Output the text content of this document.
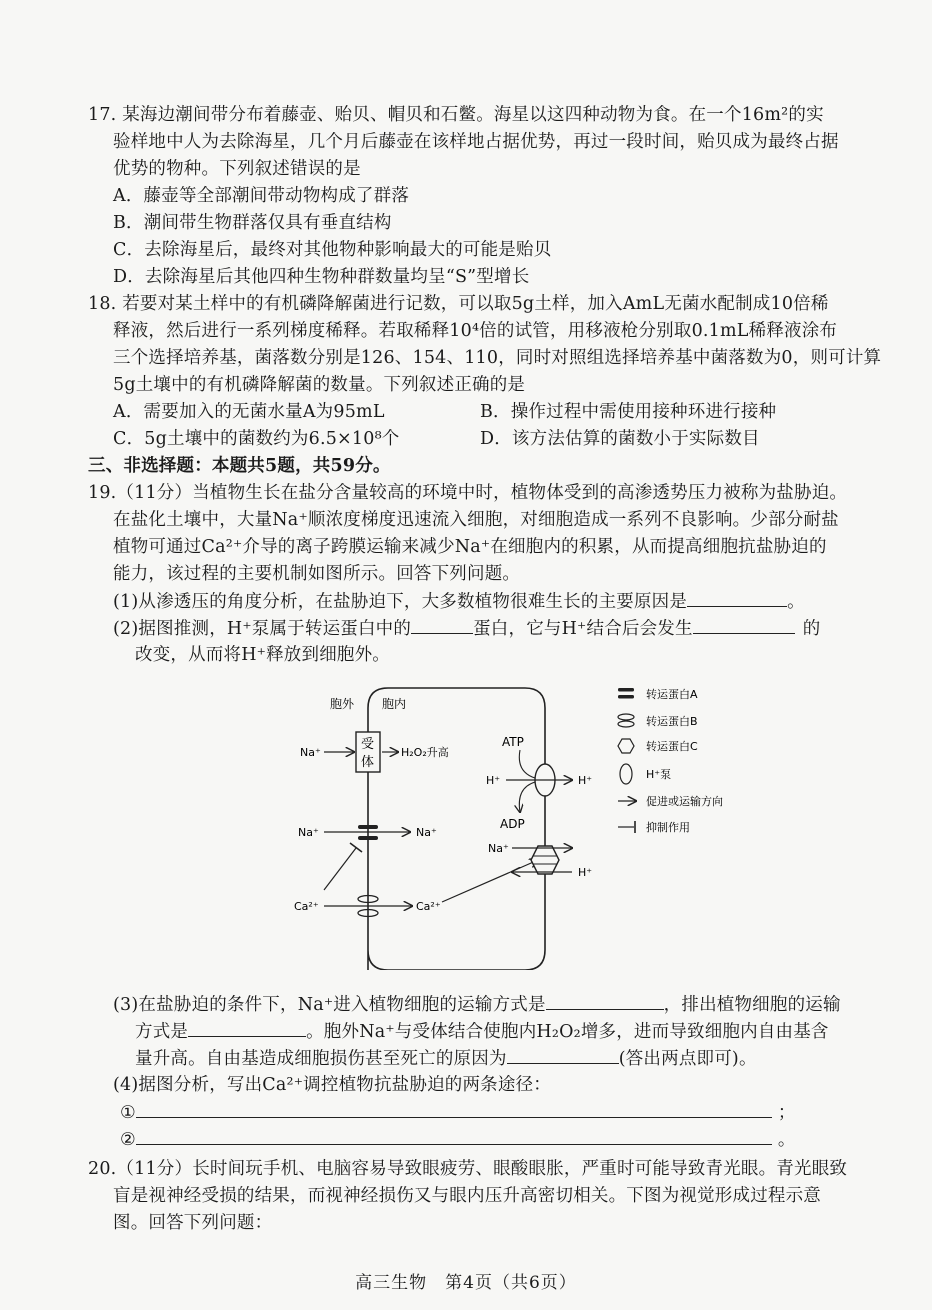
17. 某海边潮间带分布着藤壶、贻贝、帽贝和石鳖。海星以这四种动物为食。在一个16m²的实
验样地中人为去除海星，几个月后藤壶在该样地占据优势，再过一段时间，贻贝成为最终占据
优势的物种。下列叙述错误的是
A．藤壶等全部潮间带动物构成了群落
B．潮间带生物群落仅具有垂直结构
C．去除海星后，最终对其他物种影响最大的可能是贻贝
D．去除海星后其他四种生物种群数量均呈“S”型增长
18. 若要对某土样中的有机磷降解菌进行记数，可以取5g土样，加入AmL无菌水配制成10倍稀
释液，然后进行一系列梯度稀释。若取稀释10⁴倍的试管，用移液枪分别取0.1mL稀释液涂布
三个选择培养基，菌落数分别是126、154、110，同时对照组选择培养基中菌落数为0，则可计算
5g土壤中的有机磷降解菌的数量。下列叙述正确的是
A．需要加入的无菌水量A为95mL	B．操作过程中需使用接种环进行接种
C．5g土壤中的菌数约为6.5×10⁸个	D．该方法估算的菌数小于实际数目
三、非选择题：本题共5题，共59分。
19.（11分）当植物生长在盐分含量较高的环境中时，植物体受到的高渗透势压力被称为盐胁迫。
在盐化土壤中，大量Na⁺顺浓度梯度迅速流入细胞，对细胞造成一系列不良影响。少部分耐盐
植物可通过Ca²⁺介导的离子跨膜运输来减少Na⁺在细胞内的积累，从而提高细胞抗盐胁迫的
能力，该过程的主要机制如图所示。回答下列问题。
(1)从渗透压的角度分析，在盐胁迫下，大多数植物很难生长的主要原因是	。
(2)据图推测，H⁺泵属于转运蛋白中的	蛋白，它与H⁺结合后会发生	的
改变，从而将H⁺释放到细胞外。
胞外 胞内
受
体
Na⁺	H₂O₂升高
Na⁺	Na⁺
Ca²⁺	Ca²⁺
ATP
ADP
H⁺	H⁺
Na⁺
H⁺
转运蛋白A
转运蛋白B
转运蛋白C
H⁺泵
促进或运输方向
抑制作用
(3)在盐胁迫的条件下，Na⁺进入植物细胞的运输方式是	，排出植物细胞的运输
方式是	。胞外Na⁺与受体结合使胞内H₂O₂增多，进而导致细胞内自由基含
量升高。自由基造成细胞损伤甚至死亡的原因为	(答出两点即可)。
(4)据图分析，写出Ca²⁺调控植物抗盐胁迫的两条途径：
①	；
②	。
20.（11分）长时间玩手机、电脑容易导致眼疲劳、眼酸眼胀，严重时可能导致青光眼。青光眼致
盲是视神经受损的结果，而视神经损伤又与眼内压升高密切相关。下图为视觉形成过程示意
图。回答下列问题：
高三生物　第4页（共6页）
